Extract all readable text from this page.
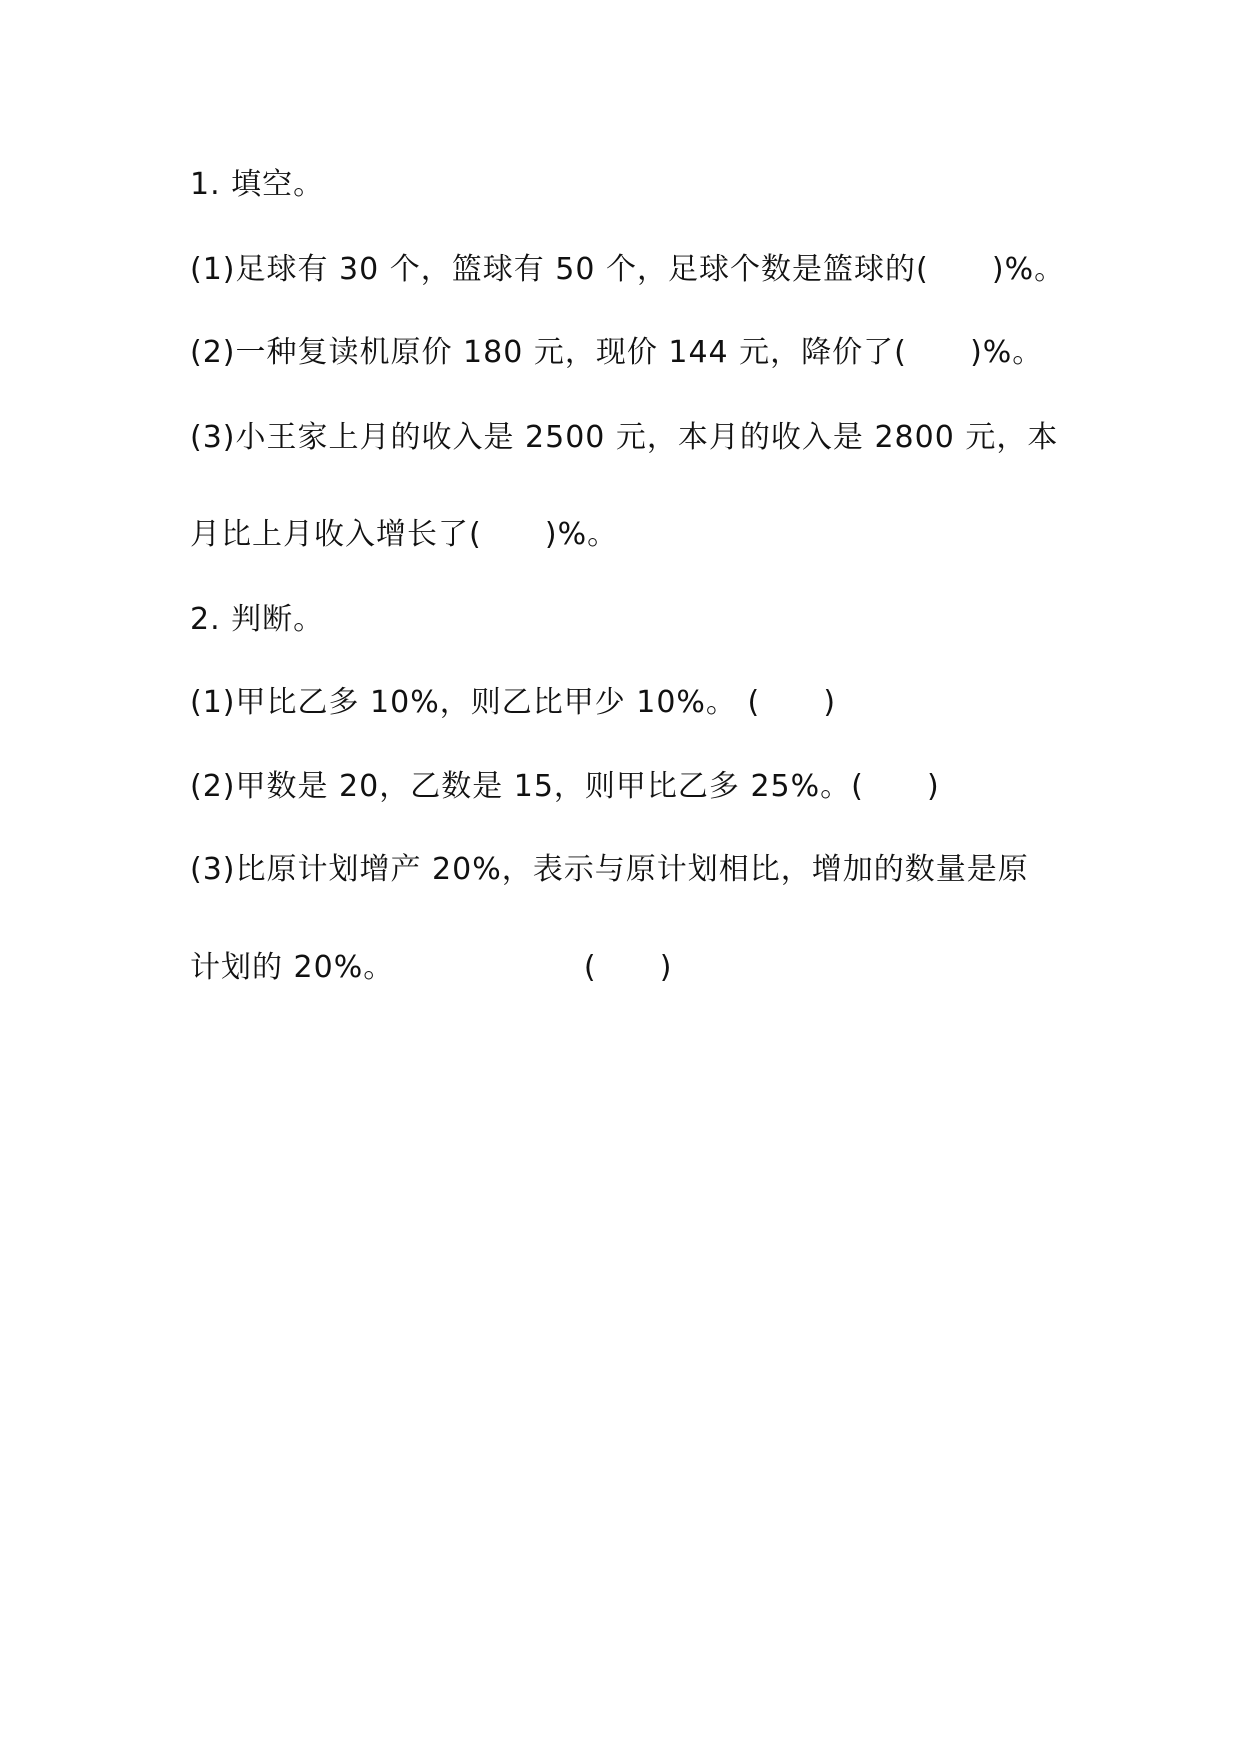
1. 填空。
(1)足球有 30 个，篮球有 50 个，足球个数是篮球的(      )%。
(2)一种复读机原价 180 元，现价 144 元，降价了(      )%。
(3)小王家上月的收入是 2500 元，本月的收入是 2800 元，本
月比上月收入增长了(      )%。
2. 判断。
(1)甲比乙多 10%，则乙比甲少 10%。 (      )
(2)甲数是 20，乙数是 15，则甲比乙多 25%。(      )
(3)比原计划增产 20%，表示与原计划相比，增加的数量是原
计划的 20%。                  (      )
